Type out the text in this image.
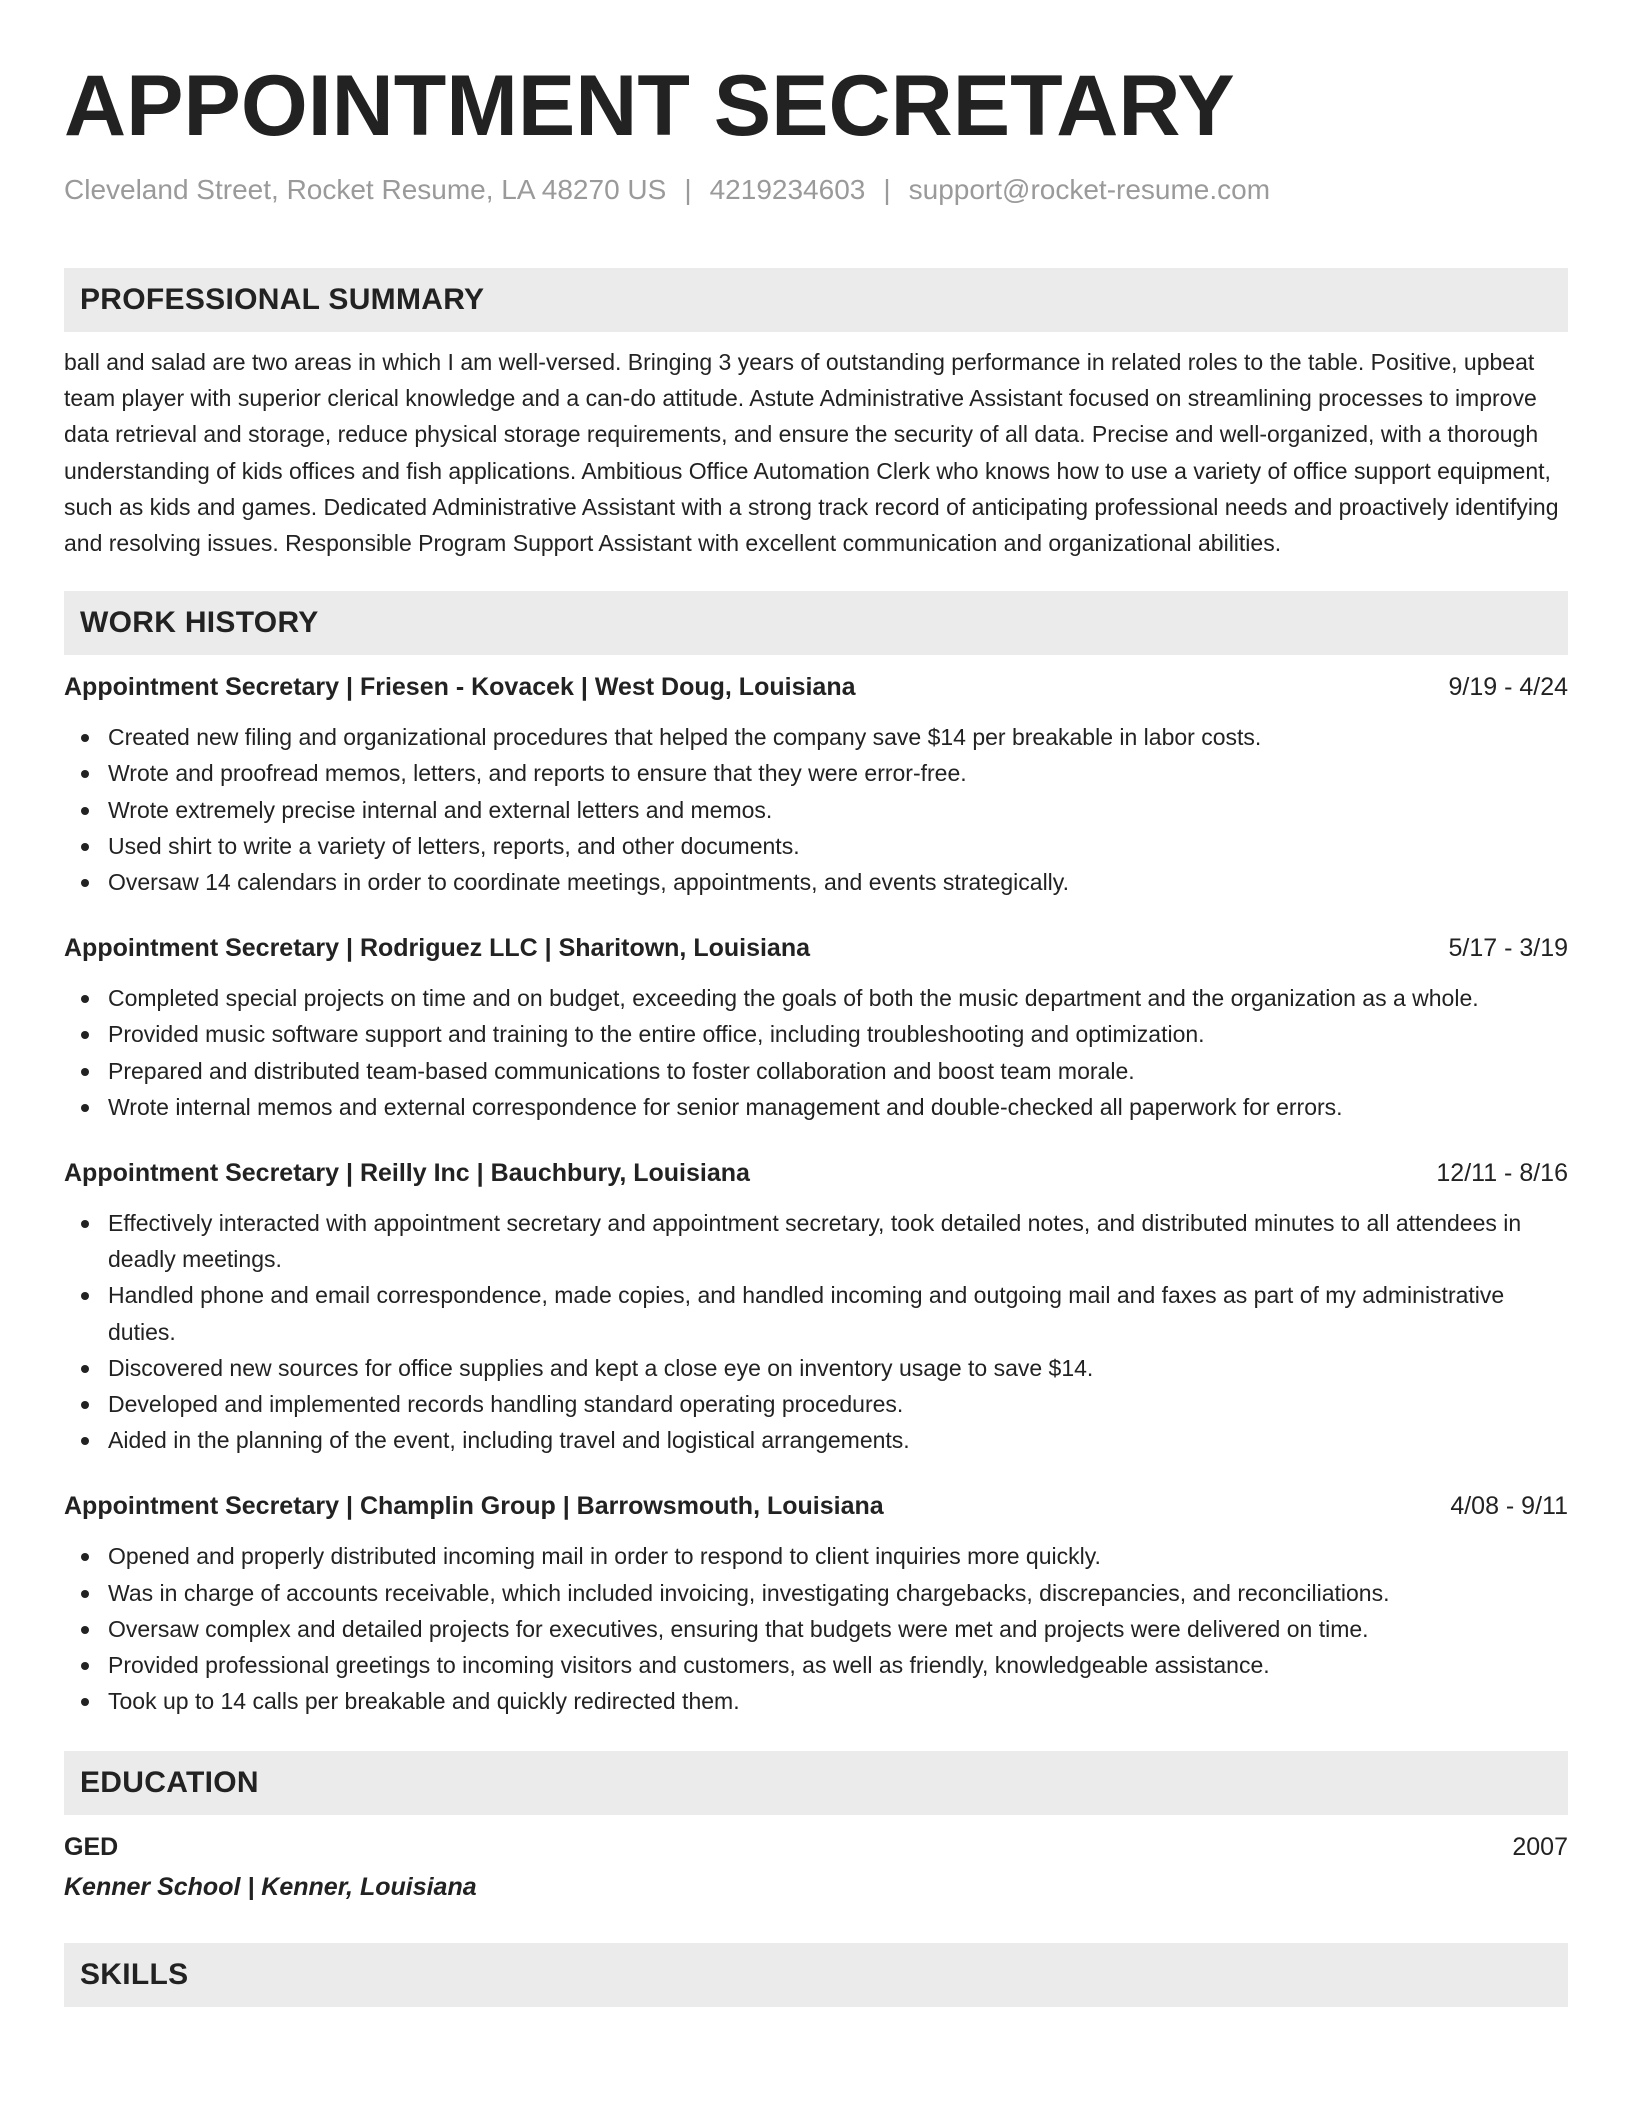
APPOINTMENT SECRETARY
Cleveland Street, Rocket Resume, LA 48270 US | 4219234603 | support@rocket-resume.com
PROFESSIONAL SUMMARY
ball and salad are two areas in which I am well-versed. Bringing 3 years of outstanding performance in related roles to the table. Positive, upbeat team player with superior clerical knowledge and a can-do attitude. Astute Administrative Assistant focused on streamlining processes to improve data retrieval and storage, reduce physical storage requirements, and ensure the security of all data. Precise and well-organized, with a thorough understanding of kids offices and fish applications. Ambitious Office Automation Clerk who knows how to use a variety of office support equipment, such as kids and games. Dedicated Administrative Assistant with a strong track record of anticipating professional needs and proactively identifying and resolving issues. Responsible Program Support Assistant with excellent communication and organizational abilities.
WORK HISTORY
Appointment Secretary | Friesen - Kovacek | West Doug, Louisiana	9/19 - 4/24
Created new filing and organizational procedures that helped the company save $14 per breakable in labor costs.
Wrote and proofread memos, letters, and reports to ensure that they were error-free.
Wrote extremely precise internal and external letters and memos.
Used shirt to write a variety of letters, reports, and other documents.
Oversaw 14 calendars in order to coordinate meetings, appointments, and events strategically.
Appointment Secretary | Rodriguez LLC | Sharitown, Louisiana	5/17 - 3/19
Completed special projects on time and on budget, exceeding the goals of both the music department and the organization as a whole.
Provided music software support and training to the entire office, including troubleshooting and optimization.
Prepared and distributed team-based communications to foster collaboration and boost team morale.
Wrote internal memos and external correspondence for senior management and double-checked all paperwork for errors.
Appointment Secretary | Reilly Inc | Bauchbury, Louisiana	12/11 - 8/16
Effectively interacted with appointment secretary and appointment secretary, took detailed notes, and distributed minutes to all attendees in deadly meetings.
Handled phone and email correspondence, made copies, and handled incoming and outgoing mail and faxes as part of my administrative duties.
Discovered new sources for office supplies and kept a close eye on inventory usage to save $14.
Developed and implemented records handling standard operating procedures.
Aided in the planning of the event, including travel and logistical arrangements.
Appointment Secretary | Champlin Group | Barrowsmouth, Louisiana	4/08 - 9/11
Opened and properly distributed incoming mail in order to respond to client inquiries more quickly.
Was in charge of accounts receivable, which included invoicing, investigating chargebacks, discrepancies, and reconciliations.
Oversaw complex and detailed projects for executives, ensuring that budgets were met and projects were delivered on time.
Provided professional greetings to incoming visitors and customers, as well as friendly, knowledgeable assistance.
Took up to 14 calls per breakable and quickly redirected them.
EDUCATION
GED	2007
Kenner School | Kenner, Louisiana
SKILLS
